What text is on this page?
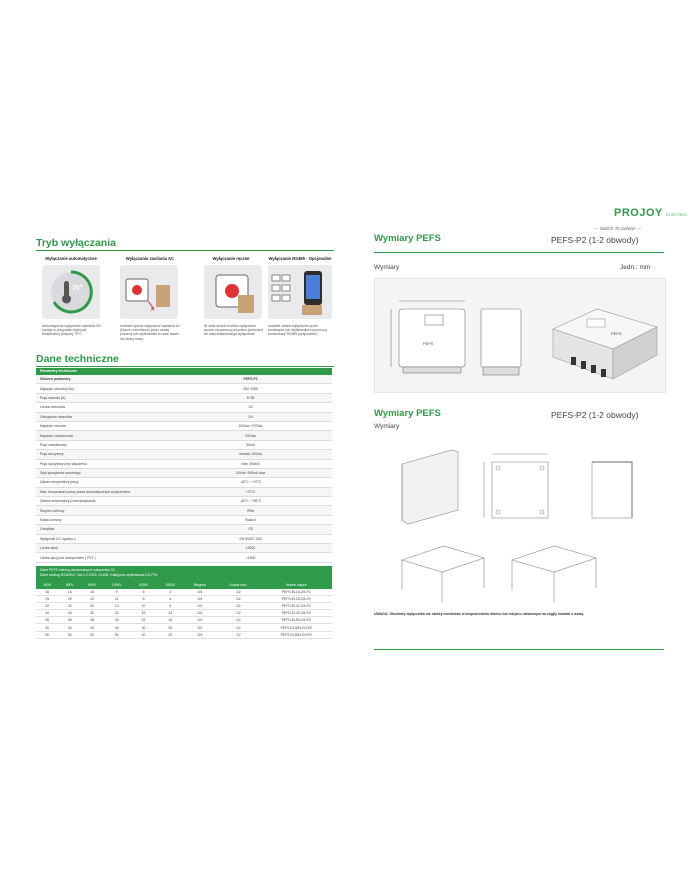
Tryb wyłączania
Wyłączanie automatyczne
70°
Automatyczne wyłączenie zasilania DC (sprzęt w przypadku wykrycia temperatury powyżej 70°C.
Wyłączanie zasilania AC
✕
możliwe ręczne wyłączenie zasilania AC (klucze rozdzielcze) przez strażę pożarną lub użytkownika w razie awarii lub utraty mocy.
Wyłączanie ręczne
W razie awarii możliwe wyłączenie ręczne za pomocą przycisku (kontroler) do natychmiastowego wyłączenia.
Wyłączanie RS485 - Opcjonalne
możliwe zdalne wyłączenie przez serwisanta lub użytkownika za pomocą komunikacji RS485 (opcjonalne).
Dane techniczne
Parametry techniczne
Skłonne parametry	PEFS-P2
Napięcie obwodu(Vdc)	300~1500
Prąd obwodu (A)	5~55
Liczba obwodów	1/2
Obciążenie obwodów	2/4
Napięcie robocze	100Vac~270Vac
Napięcie znamionowe	230Vac
Prąd znamionowy	30mA
Prąd szczytowy	średnio 100mA
Prąd szczytowy przy włączeniu	max 300mA
Styk sprzężenia zwrotnego	24Vdc~300mA max
Zakres temperatury pracy	-40°C ~+70°C
Max. temperatura pracy przed automatycznym wyłączeniem	+70°C
Zakres temperatury przechowywania	-40°C ~+85°C
Stopień ochrony	IP66
Klasa ochrony	Klasa II
Certyfikat	CE
Wyłącznik DC zgodny z	EN 60947-3&5
Liczba akcji	10000
Liczba akcji pod obciążeniem ( PV1 )	<1500
Dane PEFS różnicą obudowanych rozłącznika DC
Dane według IEC60947-3cd 2.2:2015, UL508, Kategoria użytkowania DC-PV1
300V	500V	600V	1000V	1200V	1500V	Bieguny	Liczba obw.	Numer części
16	16	16	9	6	3	2/4	1/2	PEFS-EL16-2/4-P2
25	25	22	11	8	4	2/4	1/2	PEFS-EL25-2/4-P2
32	32	26	13	10	5	2/4	1/2	PEFS-EL32-2/4-P2
40	40	30	20	15	13	2/4	1/2	PEFS-EL40-2/4-P2
55	55	45	33	23	16	2/4	1/2	PEFS-EL55-2/4-P2
40	40	40	40	30	20	2/4	1/2	PEFS-EL40H-2/4-P2
50	50	50	50	40	20	2/4	1/2	PEFS-EL50H-2/4-P2
PROJOY ELECTRIC
— Switch To Safety! —
Wymiary PEFS	PEFS-P2 (1-2 obwody)
Wymiary	Jedn.: mm
PEFS
PEFS
Wymiary PEFS	PEFS-P2 (1-2 obwody)
Wymiary
UWAGA: Obudowy wyłącznika nie należy montować w bezpośrednim słońcu lub miejscu narażonym na ciągły kontakt z wodą.
